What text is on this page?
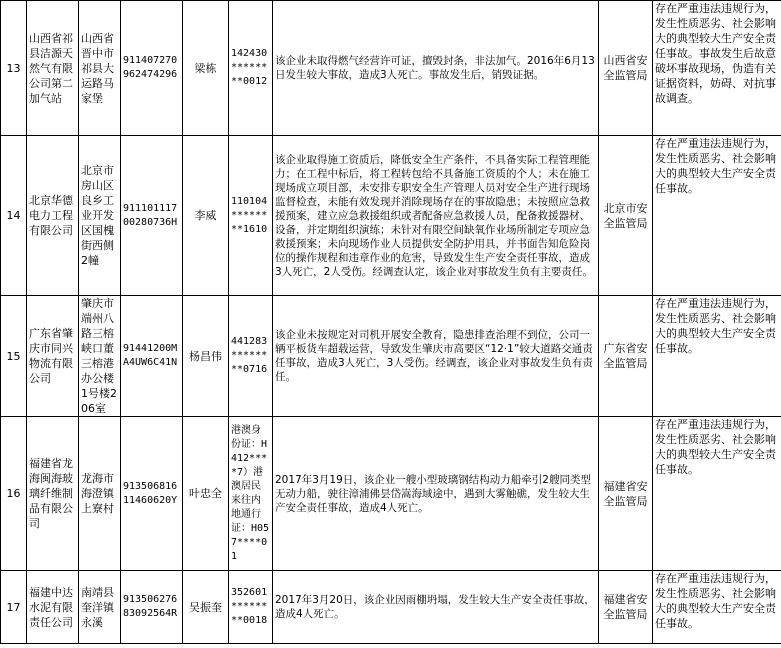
13	山西省祁县洁源天然气有限公司第二加气站	山西省晋中市祁县大运路马家堡	911407270962474296	梁栋	142430********0012	该企业未取得燃气经营许可证，擅毁封条，非法加气。2016年6月13日发生较大事故，造成3人死亡。事故发生后，销毁证据。	山西省安全监管局	存在严重违法违规行为，发生性质恶劣、社会影响大的典型较大生产安全责任事故。事故发生后故意破坏事故现场，伪造有关证据资料，妨碍、对抗事故调查。
14	北京华德电力工程有限公司	北京市房山区良乡工业开发区国槐街西侧2幢	91110111700280736H	李威	110104********1610	该企业取得施工资质后，降低安全生产条件，不具备实际工程管理能力；在工程中标后，将工程转包给不具备施工资质的个人；未在施工现场成立项目部，未安排专职安全生产管理人员对安全生产进行现场监督检查，未能有效发现并消除现场存在的事故隐患；未按照应急救援预案，建立应急救援组织或者配备应急救援人员，配备救援器材、设备，并定期组织演练；未针对有限空间缺氧作业场所制定专项应急救援预案；未向现场作业人员提供安全防护用具，并书面告知危险岗位的操作规程和违章作业的危害，导致发生生产安全责任事故，造成3人死亡，2人受伤。经调查认定，该企业对事故发生负有主要责任。	北京市安全监管局	存在严重违法违规行为，发生性质恶劣、社会影响大的典型较大生产安全责任事故。
15	广东省肇庆市同兴物流有限公司	肇庆市端州八路三榕峡口董三榕港办公楼1号楼206室	91441200MA4UW6C41N	杨昌伟	441283********0716	该企业未按规定对司机开展安全教育，隐患排查治理不到位，公司一辆平板货车超载运营，导致发生肇庆市高要区“12·1”较大道路交通责任事故，造成3人死亡，3人受伤。经调查，该企业对事故发生负有责任。	广东省安全监管局	存在严重违法违规行为，发生性质恶劣、社会影响大的典型较大生产安全责任事故。
16	福建省龙海闽海玻璃纤维制品有限公司	龙海市海澄镇上寮村	91350681611460620Y	叶忠全	港澳身份证：H412****7）港澳居民来往内地通行证：H057****01	2017年3月19日，该企业一艘小型玻璃钢结构动力船牵引2艘同类型无动力船，驶往漳浦佛昙岱嵩海域途中，遇到大雾触礁，发生较大生产安全责任事故，造成4人死亡。	福建省安全监管局	存在严重违法违规行为，发生性质恶劣、社会影响大的典型较大生产安全责任事故。
17	福建中达水泥有限责任公司	南靖县奎洋镇永溪	91350627683092564R	吴振奎	352601********0018	2017年3月20日，该企业因雨棚坍塌，发生较大生产安全责任事故，造成4人死亡。	福建省安全监管局	存在严重违法违规行为，发生性质恶劣、社会影响大的典型较大生产安全责任事故。
